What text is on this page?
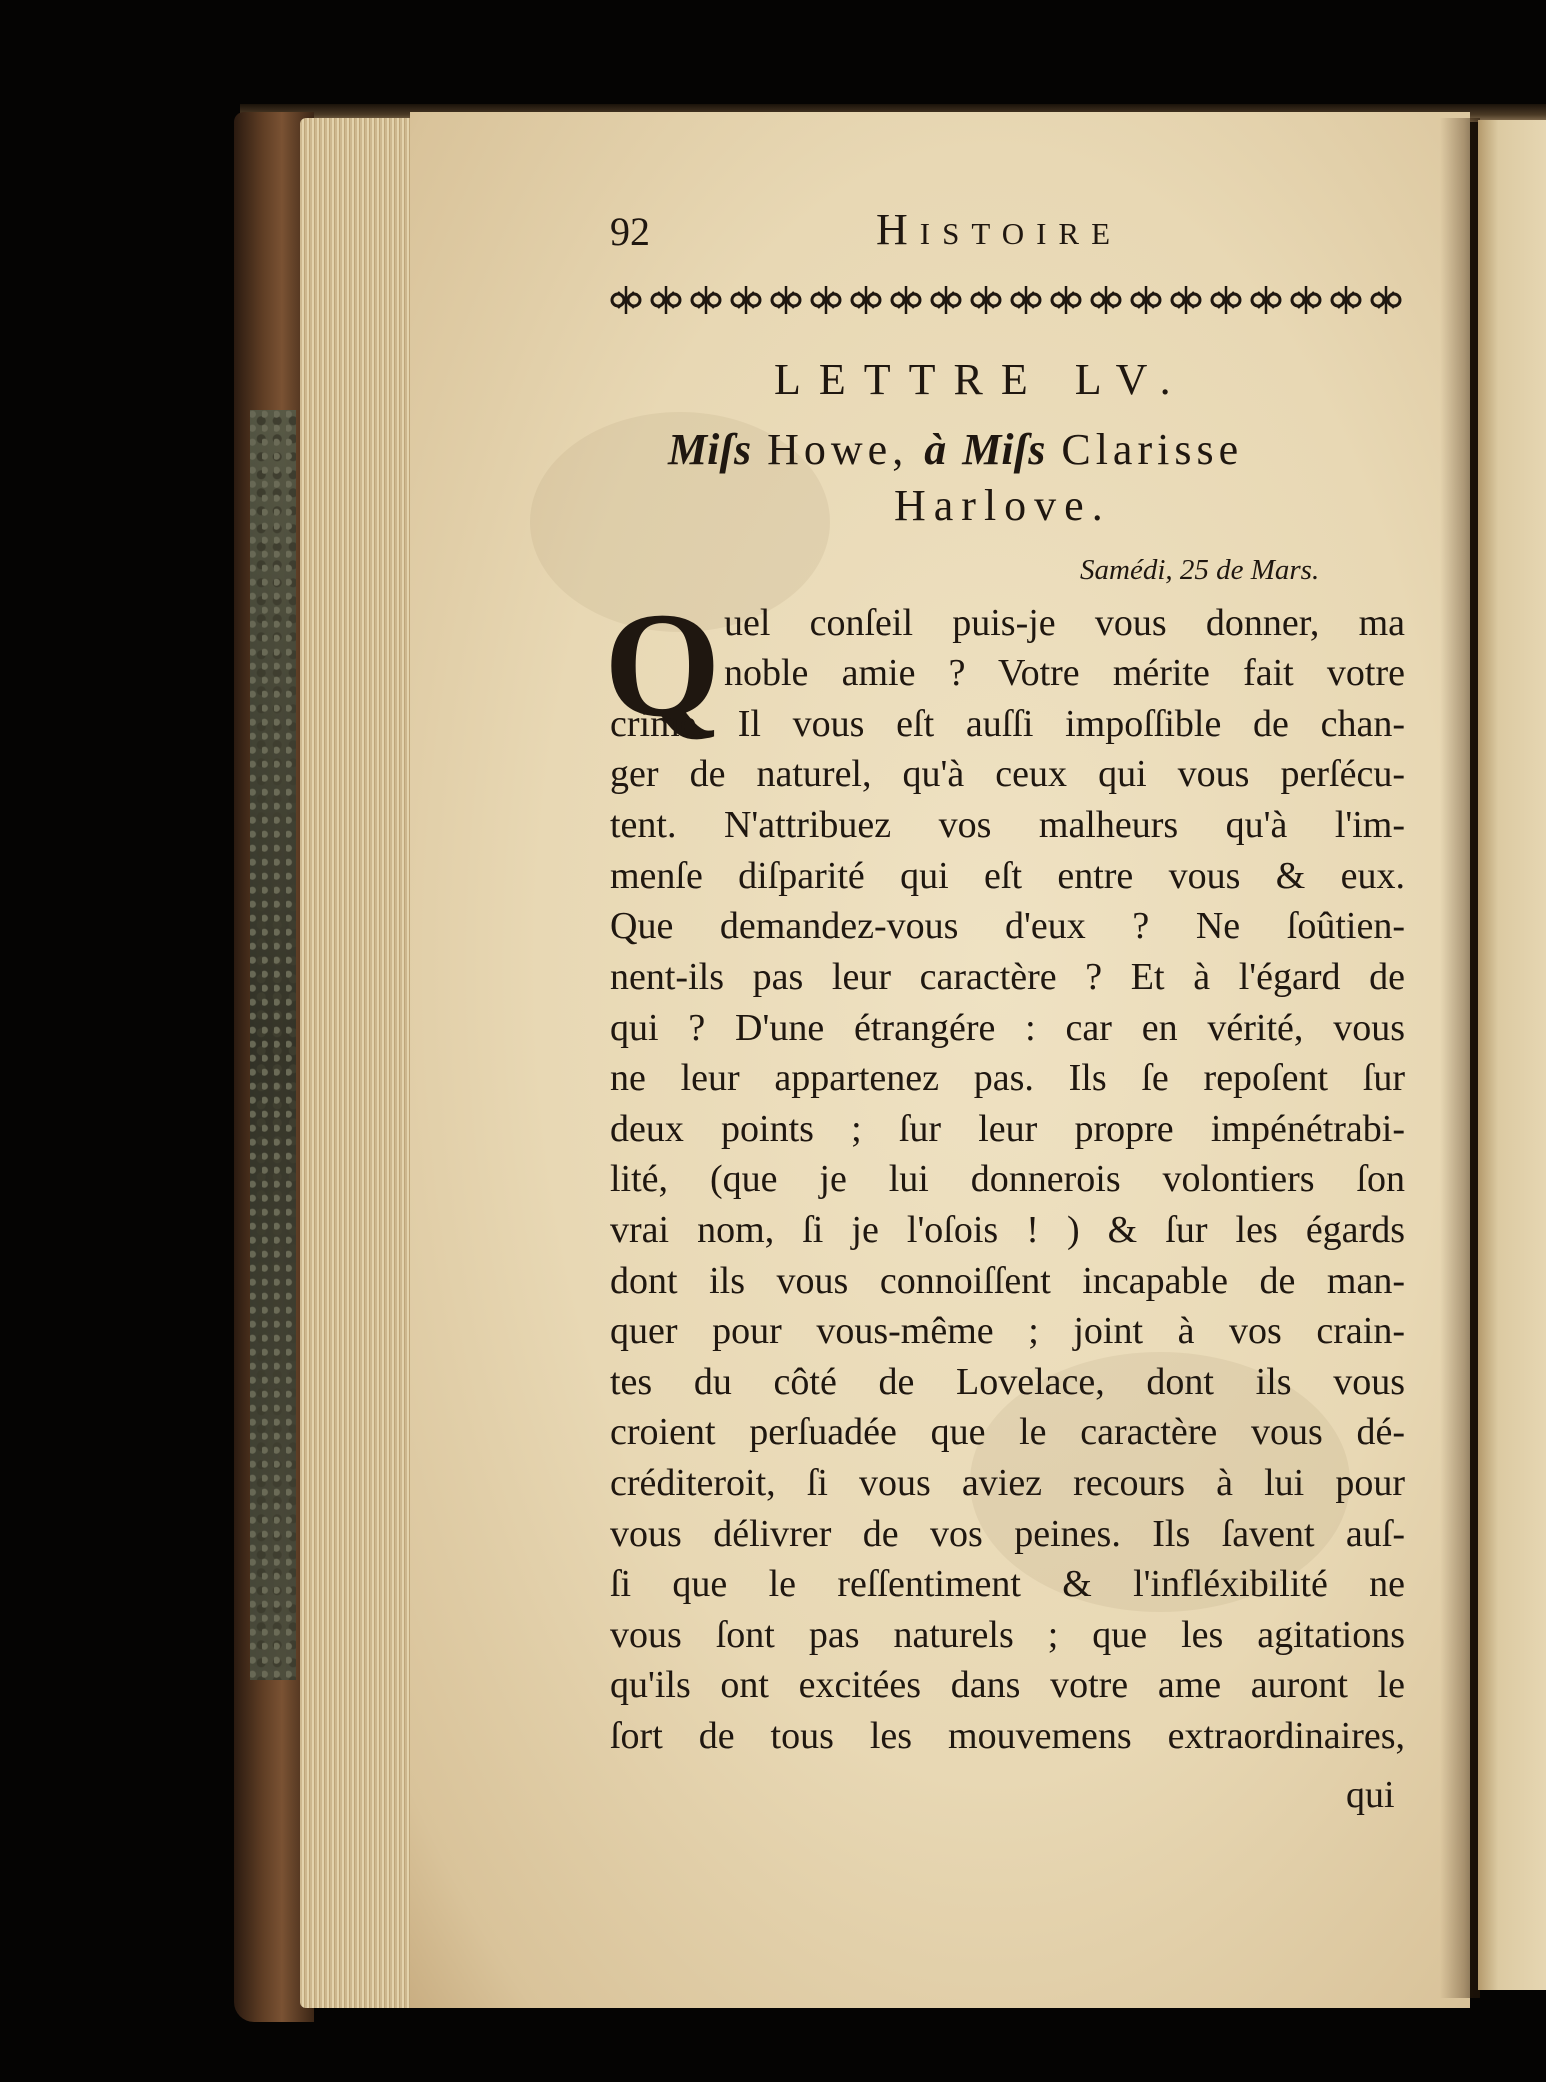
92	Histoire
LETTRE LV.
Miſs Howe, à Miſs Clarisse
Harlove.
Samédi, 25 de Mars.
Q uel conſeil puis-je vous donner, ma
noble amie ? Votre mérite fait votre
crime. Il vous eſt auſſi impoſſible de chan-
ger de naturel, qu'à ceux qui vous perſécu-
tent. N'attribuez vos malheurs qu'à l'im-
menſe diſparité qui eſt entre vous & eux.
Que demandez-vous d'eux ? Ne ſoûtien-
nent-ils pas leur caractère ? Et à l'égard de
qui ? D'une étrangére : car en vérité, vous
ne leur appartenez pas. Ils ſe repoſent ſur
deux points ; ſur leur propre impénétrabi-
lité, (que je lui donnerois volontiers ſon
vrai nom, ſi je l'oſois ! ) & ſur les égards
dont ils vous connoiſſent incapable de man-
quer pour vous-même ; joint à vos crain-
tes du côté de Lovelace, dont ils vous
croient perſuadée que le caractère vous dé-
créditeroit, ſi vous aviez recours à lui pour
vous délivrer de vos peines. Ils ſavent auſ-
ſi que le reſſentiment & l'infléxibilité ne
vous ſont pas naturels ; que les agitations
qu'ils ont excitées dans votre ame auront le
ſort de tous les mouvemens extraordinaires,
qui
